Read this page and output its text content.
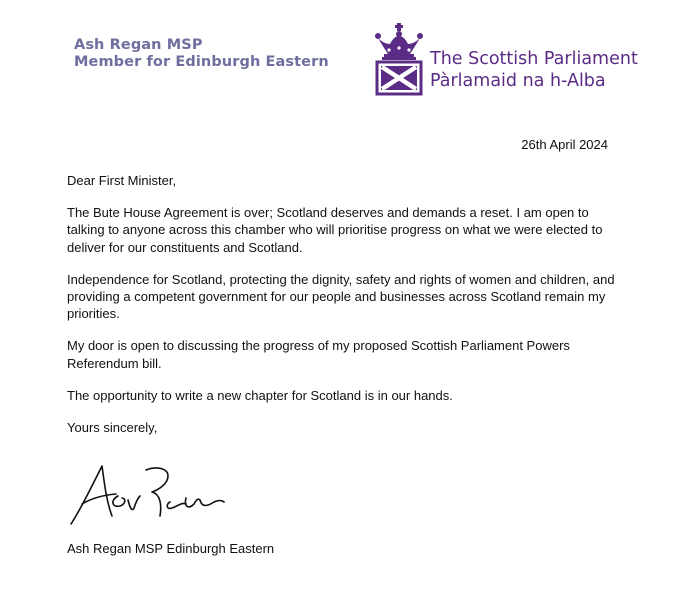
Ash Regan MSP
Member for Edinburgh Eastern	The Scottish Parliament
Pàrlamaid na h-Alba
26th April 2024

Dear First Minister,

The Bute House Agreement is over; Scotland deserves and demands a reset. I am open to talking to anyone across this chamber who will prioritise progress on what we were elected to deliver for our constituents and Scotland.

Independence for Scotland, protecting the dignity, safety and rights of women and children, and providing a competent government for our people and businesses across Scotland remain my priorities.

My door is open to discussing the progress of my proposed Scottish Parliament Powers Referendum bill.

The opportunity to write a new chapter for Scotland is in our hands.

Yours sincerely,

Ash Regan MSP Edinburgh Eastern
